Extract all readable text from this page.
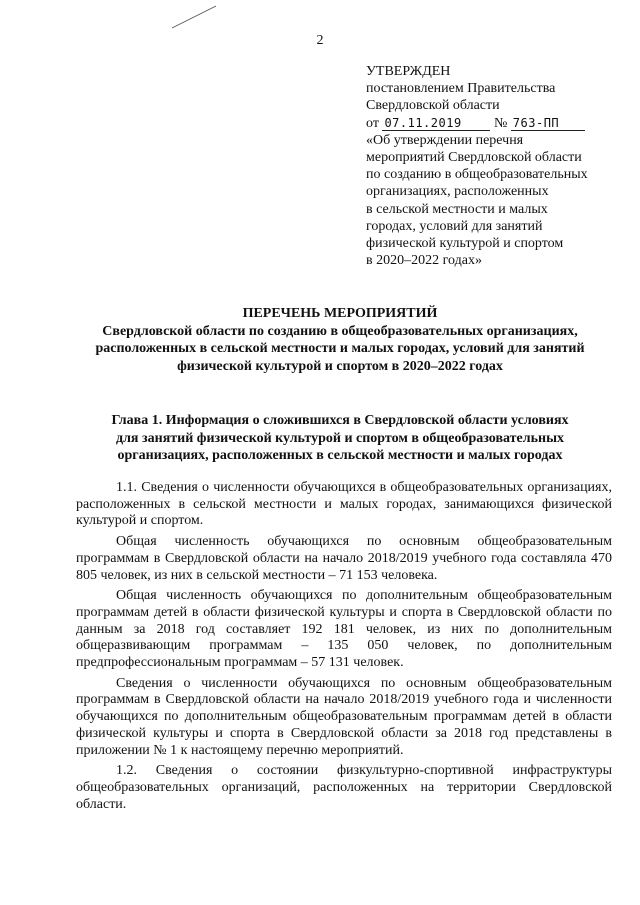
2
УТВЕРЖДЕН
постановлением Правительства
Свердловской области
от 07.11.2019 № 763-ПП
«Об утверждении перечня
мероприятий Свердловской области
по созданию в общеобразовательных
организациях, расположенных
в сельской местности и малых
городах, условий для занятий
физической культурой и спортом
в 2020–2022 годах»
ПЕРЕЧЕНЬ МЕРОПРИЯТИЙ
Свердловской области по созданию в общеобразовательных организациях,
расположенных в сельской местности и малых городах, условий для занятий
физической культурой и спортом в 2020–2022 годах
Глава 1. Информация о сложившихся в Свердловской области условиях
для занятий физической культурой и спортом в общеобразовательных
организациях, расположенных в сельской местности и малых городах

1.1. Сведения о численности обучающихся в общеобразовательных организациях, расположенных в сельской местности и малых городах, занимающихся физической культурой и спортом.

Общая численность обучающихся по основным общеобразовательным программам в Свердловской области на начало 2018/2019 учебного года составляла 470 805 человек, из них в сельской местности – 71 153 человека.

Общая численность обучающихся по дополнительным общеобразовательным программам детей в области физической культуры и спорта в Свердловской области по данным за 2018 год составляет 192 181 человек, из них по дополнительным общеразвивающим программам – 135 050 человек, по дополнительным предпрофессиональным программам – 57 131 человек.

Сведения о численности обучающихся по основным общеобразовательным программам в Свердловской области на начало 2018/2019 учебного года и численности обучающихся по дополнительным общеобразовательным программам детей в области физической культуры и спорта в Свердловской области за 2018 год представлены в приложении № 1 к настоящему перечню мероприятий.

1.2. Сведения о состоянии физкультурно-спортивной инфраструктуры общеобразовательных организаций, расположенных на территории Свердловской области.
